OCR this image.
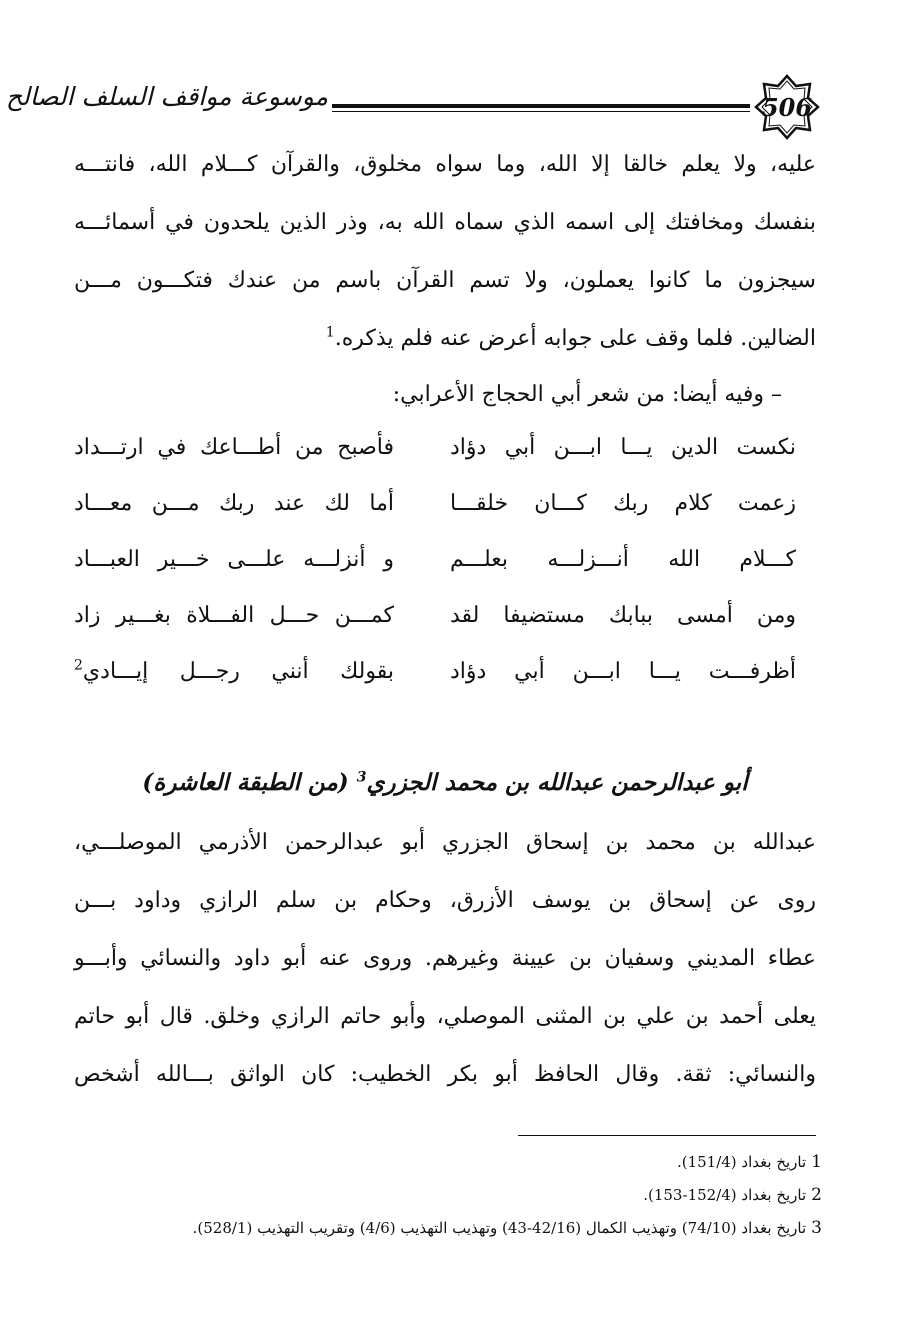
موسوعة مواقف السلف الصالح	506
عليه، ولا يعلم خالقا إلا الله، وما سواه مخلوق، والقرآن كـــلام الله، فانتـــه
بنفسك ومخافتك إلى اسمه الذي سماه الله به، وذر الذين يلحدون في أسمائـــه
سيجزون ما كانوا يعملون، ولا تسم القرآن باسم من عندك فتكـــون مـــن
الضالين. فلما وقف على جوابه أعرض عنه فلم يذكره.$^1$
– وفيه أيضا: من شعر أبي الحجاج الأعرابي:
نكست الدين يـــا ابـــن أبي دؤاد
فأصبح من أطـــاعك في ارتـــداد
زعمت كلام ربك كـــان خلقـــا
أما لك عند ربك مـــن معـــاد
كـــلام الله أنـــزلـــه بعلـــم
و أنزلـــه علـــى خـــير العبـــاد
ومن أمسى ببابك مستضيفا لقد
كمـــن حـــل الفـــلاة بغـــير زاد
أظرفـــت يـــا ابـــن أبي دؤاد
بقولك أنني رجـــل إيـــادي$^2$
أبو عبدالرحمن عبدالله بن محمد الجزري$^3$ (من الطبقة العاشرة)
عبدالله بن محمد بن إسحاق الجزري أبو عبدالرحمن الأذرمي الموصلـــي،
روى عن إسحاق بن يوسف الأزرق، وحكام بن سلم الرازي وداود بـــن
عطاء المديني وسفيان بن عيينة وغيرهم. وروى عنه أبو داود والنسائي وأبـــو
يعلى أحمد بن علي بن المثنى الموصلي، وأبو حاتم الرازي وخلق. قال أبو حاتم
والنسائي: ثقة. وقال الحافظ أبو بكر الخطيب: كان الواثق بـــالله أشخص
1تاريخ بغداد (151/4).
2تاريخ بغداد (152/4-153).
3تاريخ بغداد (74/10) وتهذيب الكمال (42/16-43) وتهذيب التهذيب (4/6) وتقريب التهذيب (528/1).
